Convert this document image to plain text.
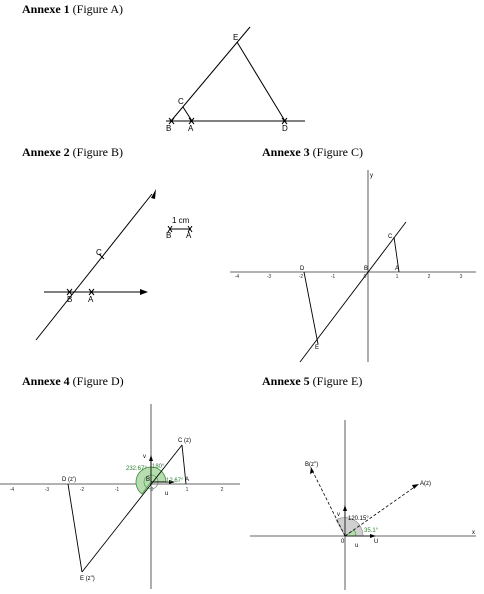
Annexe 1 (Figure A)
Annexe 2 (Figure B)	Annexe 3 (Figure C)
Annexe 4 (Figure D)	Annexe 5 (Figure E)
E
C
B A	D
C
B A
1 cm
B A
-4	-3	-2	-1	0	1	2	3
y
C
D	B	A
E
-4	-3	-2	-1	0	1	2
C (z)
D (z')
E (z")
A
B
v
u
180°
232.67°
12.67°
B(z'')
A(z)
0	U
x
v
u
120.15°
35.1°
